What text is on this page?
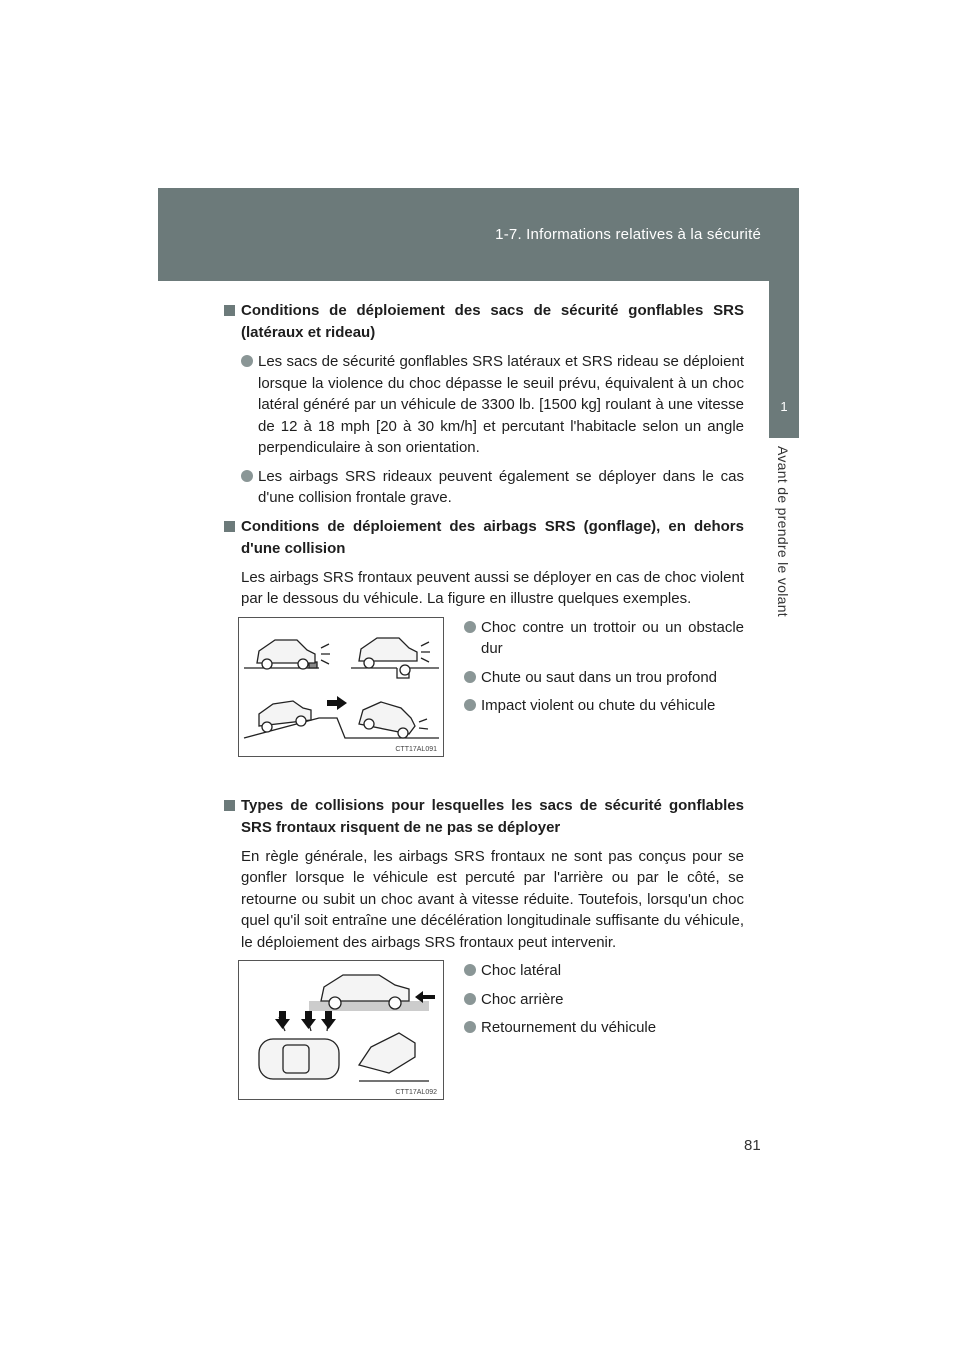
1-7. Informations relatives à la sécurité
1
Avant de prendre le volant
Conditions de déploiement des sacs de sécurité gonflables SRS (latéraux et rideau)
Les sacs de sécurité gonflables SRS latéraux et SRS rideau se déploient lorsque la violence du choc dépasse le seuil prévu, équivalent à un choc latéral généré par un véhicule de 3300 lb. [1500 kg] roulant à une vitesse de 12 à 18 mph [20 à 30 km/h] et percutant l'habitacle selon un angle perpendiculaire à son orientation.
Les airbags SRS rideaux peuvent également se déployer dans le cas d'une collision frontale grave.
Conditions de déploiement des airbags SRS (gonflage), en dehors d'une collision
Les airbags SRS frontaux peuvent aussi se déployer en cas de choc violent par le dessous du véhicule. La figure en illustre quelques exemples.
CTT17AL091
Choc contre un trottoir ou un obstacle dur
Chute ou saut dans un trou profond
Impact violent ou chute du véhicule
Types de collisions pour lesquelles les sacs de sécurité gonflables SRS frontaux risquent de ne pas se déployer
En règle générale, les airbags SRS frontaux ne sont pas conçus pour se gonfler lorsque le véhicule est percuté par l'arrière ou par le côté, se retourne ou subit un choc avant à vitesse réduite. Toutefois, lorsqu'un choc quel qu'il soit entraîne une décélération longitudinale suffisante du véhicule, le déploiement des airbags SRS frontaux peut intervenir.
CTT17AL092
Choc latéral
Choc arrière
Retournement du véhicule
81
